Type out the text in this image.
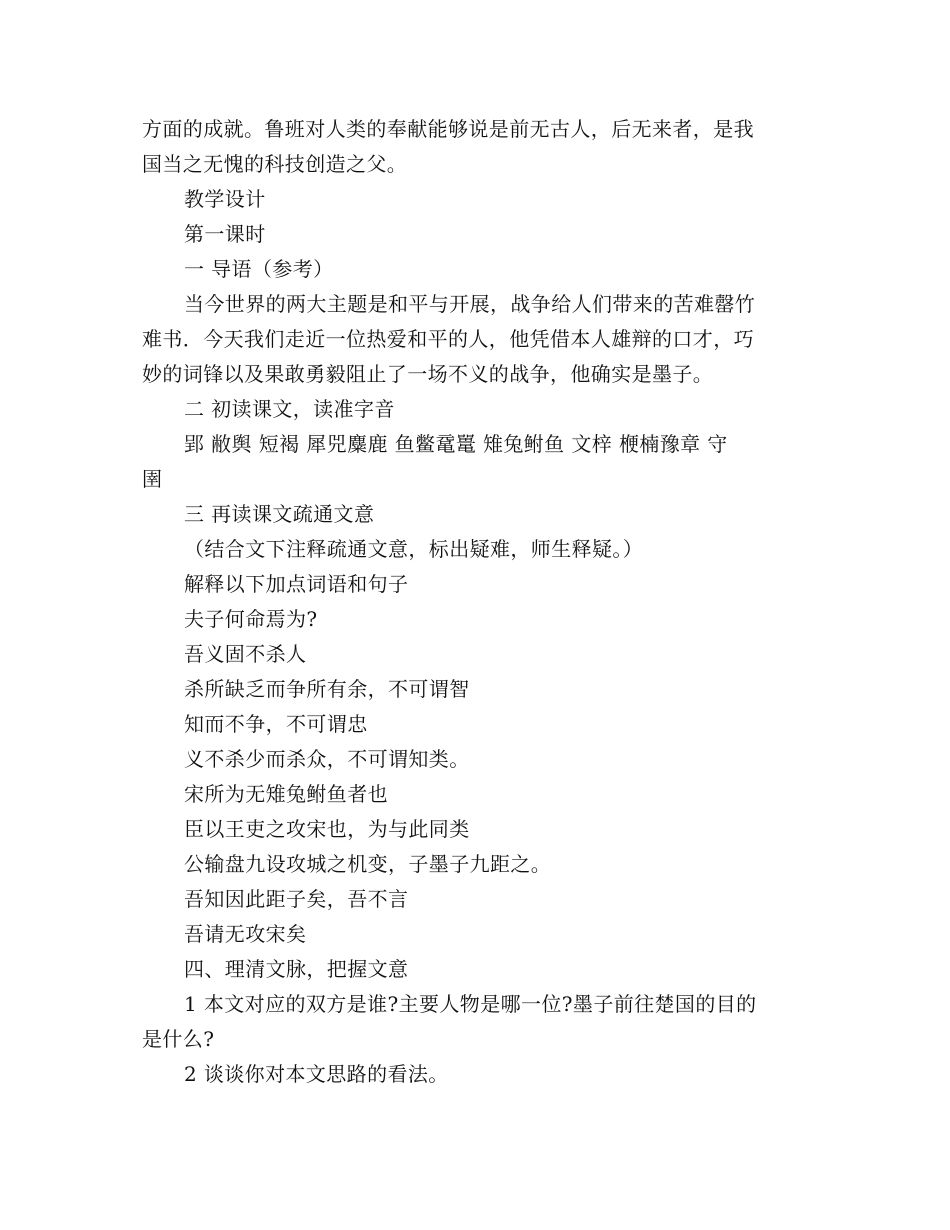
方面的成就。鲁班对人类的奉献能够说是前无古人，后无来者，是我
国当之无愧的科技创造之父。
教学设计
第一课时
一 导语（参考）
当今世界的两大主题是和平与开展，战争给人们带来的苦难罄竹
难书．今天我们走近一位热爱和平的人，他凭借本人雄辩的口才，巧
妙的词锋以及果敢勇毅阻止了一场不义的战争，他确实是墨子。
二 初读课文，读准字音
郢 敝舆 短褐 犀兕麋鹿 鱼鳖鼋鼍 雉兔鲋鱼 文梓 楩楠豫章 守
圉
三 再读课文疏通文意
（结合文下注释疏通文意，标出疑难，师生释疑。）
解释以下加点词语和句子
夫子何命焉为?
吾义固不杀人
杀所缺乏而争所有余，不可谓智
知而不争，不可谓忠
义不杀少而杀众，不可谓知类。
宋所为无雉兔鲋鱼者也
臣以王吏之攻宋也，为与此同类
公输盘九设攻城之机变，子墨子九距之。
吾知因此距子矣，吾不言
吾请无攻宋矣
四、理清文脉，把握文意
1 本文对应的双方是谁?主要人物是哪一位?墨子前往楚国的目的
是什么?
2 谈谈你对本文思路的看法。
